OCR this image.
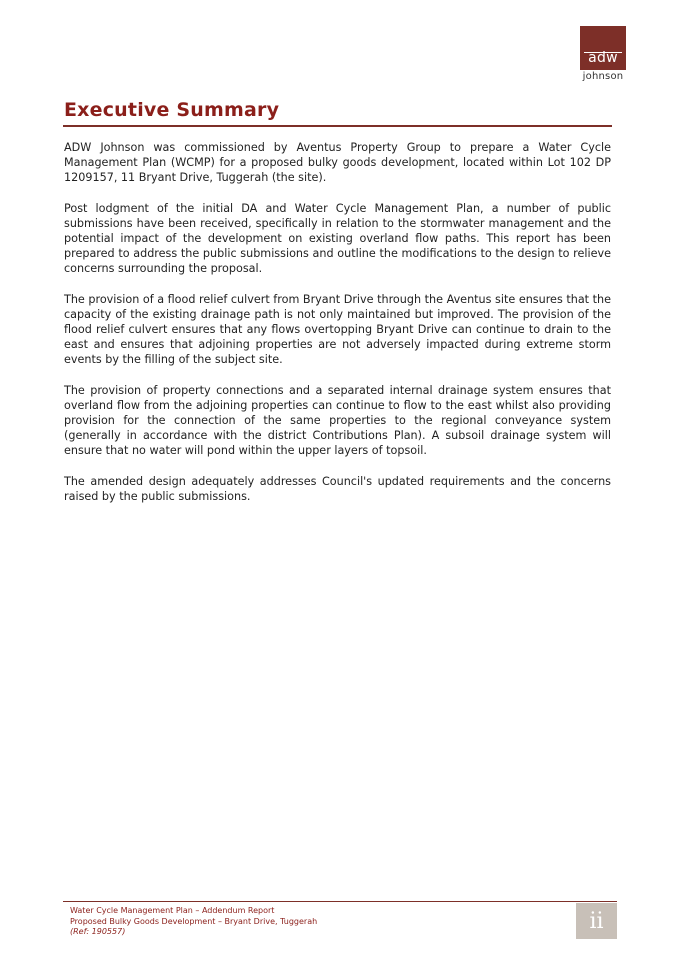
adw
johnson
Executive Summary

ADW Johnson was commissioned by Aventus Property Group to prepare a Water Cycle Management Plan (WCMP) for a proposed bulky goods development, located within Lot 102 DP 1209157, 11 Bryant Drive, Tuggerah (the site).

Post lodgment of the initial DA and Water Cycle Management Plan, a number of public submissions have been received, specifically in relation to the stormwater management and the potential impact of the development on existing overland flow paths. This report has been prepared to address the public submissions and outline the modifications to the design to relieve concerns surrounding the proposal.

The provision of a flood relief culvert from Bryant Drive through the Aventus site ensures that the capacity of the existing drainage path is not only maintained but improved. The provision of the flood relief culvert ensures that any flows overtopping Bryant Drive can continue to drain to the east and ensures that adjoining properties are not adversely impacted during extreme storm events by the filling of the subject site.

The provision of property connections and a separated internal drainage system ensures that overland flow from the adjoining properties can continue to flow to the east whilst also providing provision for the connection of the same properties to the regional conveyance system (generally in accordance with the district Contributions Plan). A subsoil drainage system will ensure that no water will pond within the upper layers of topsoil.

The amended design adequately addresses Council's updated requirements and the concerns raised by the public submissions.

Water Cycle Management Plan – Addendum Report
Proposed Bulky Goods Development – Bryant Drive, Tuggerah
(Ref: 190557)	ii
